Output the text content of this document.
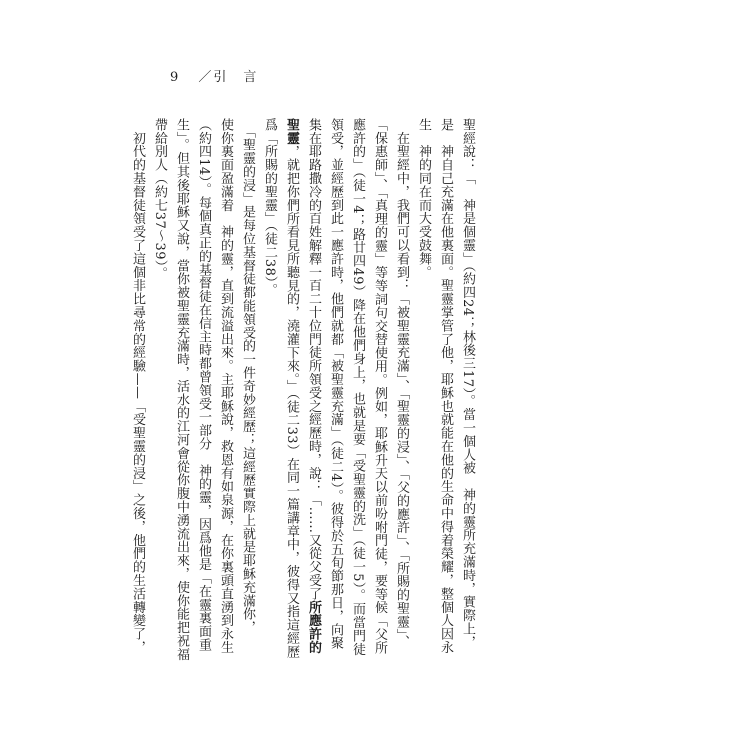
9 ／引　言
聖經說：「　神是個靈」（約四24；林後三17）。當一個人被　神的靈所充滿時，實際上，
是　神自己充滿在他裏面。聖靈掌管了他，耶穌也就能在他的生命中得着榮耀，整個人因永
生　神的同在而大受鼓舞。
　在聖經中，我們可以看到：「被聖靈充滿」、「聖靈的浸」、「父的應許」、「所賜的聖靈」、
「保惠師」、「真理的靈」等等詞句交替使用。例如，耶穌升天以前吩咐門徒，要等候「父所
應許的」（徒一4；路廿四49）降在他們身上，也就是要「受聖靈的洗」（徒一5）。而當門徒
領受，並經歷到此一應許時，他們就都「被聖靈充滿」（徒二4）。彼得於五旬節那日，向聚
集在耶路撒冷的百姓解釋一百二十位門徒所領受之經歷時，說：「……又從父受了所應許的
聖靈，就把你們所看見所聽見的，澆灌下來。」（徒二33）在同一篇講章中，彼得又指這經歷
爲「所賜的聖靈」（徒二38）。
　「聖靈的浸」是每位基督徒都能領受的一件奇妙經歷；這經歷實際上就是耶穌充滿你，
使你裏面盈滿着　神的靈，直到流溢出來。主耶穌說，救恩有如泉源，在你裏頭直湧到永生
（約四14）。每個真正的基督徒在信主時都曾領受一部分　神的靈，因爲他是「在靈裏面重
生」。但其後耶穌又說，當你被聖靈充滿時，活水的江河會從你腹中湧流出來，使你能把祝福
帶給別人（約七37～39）。
　初代的基督徒領受了這個非比尋常的經驗——「受聖靈的浸」之後，他們的生活轉變了，
